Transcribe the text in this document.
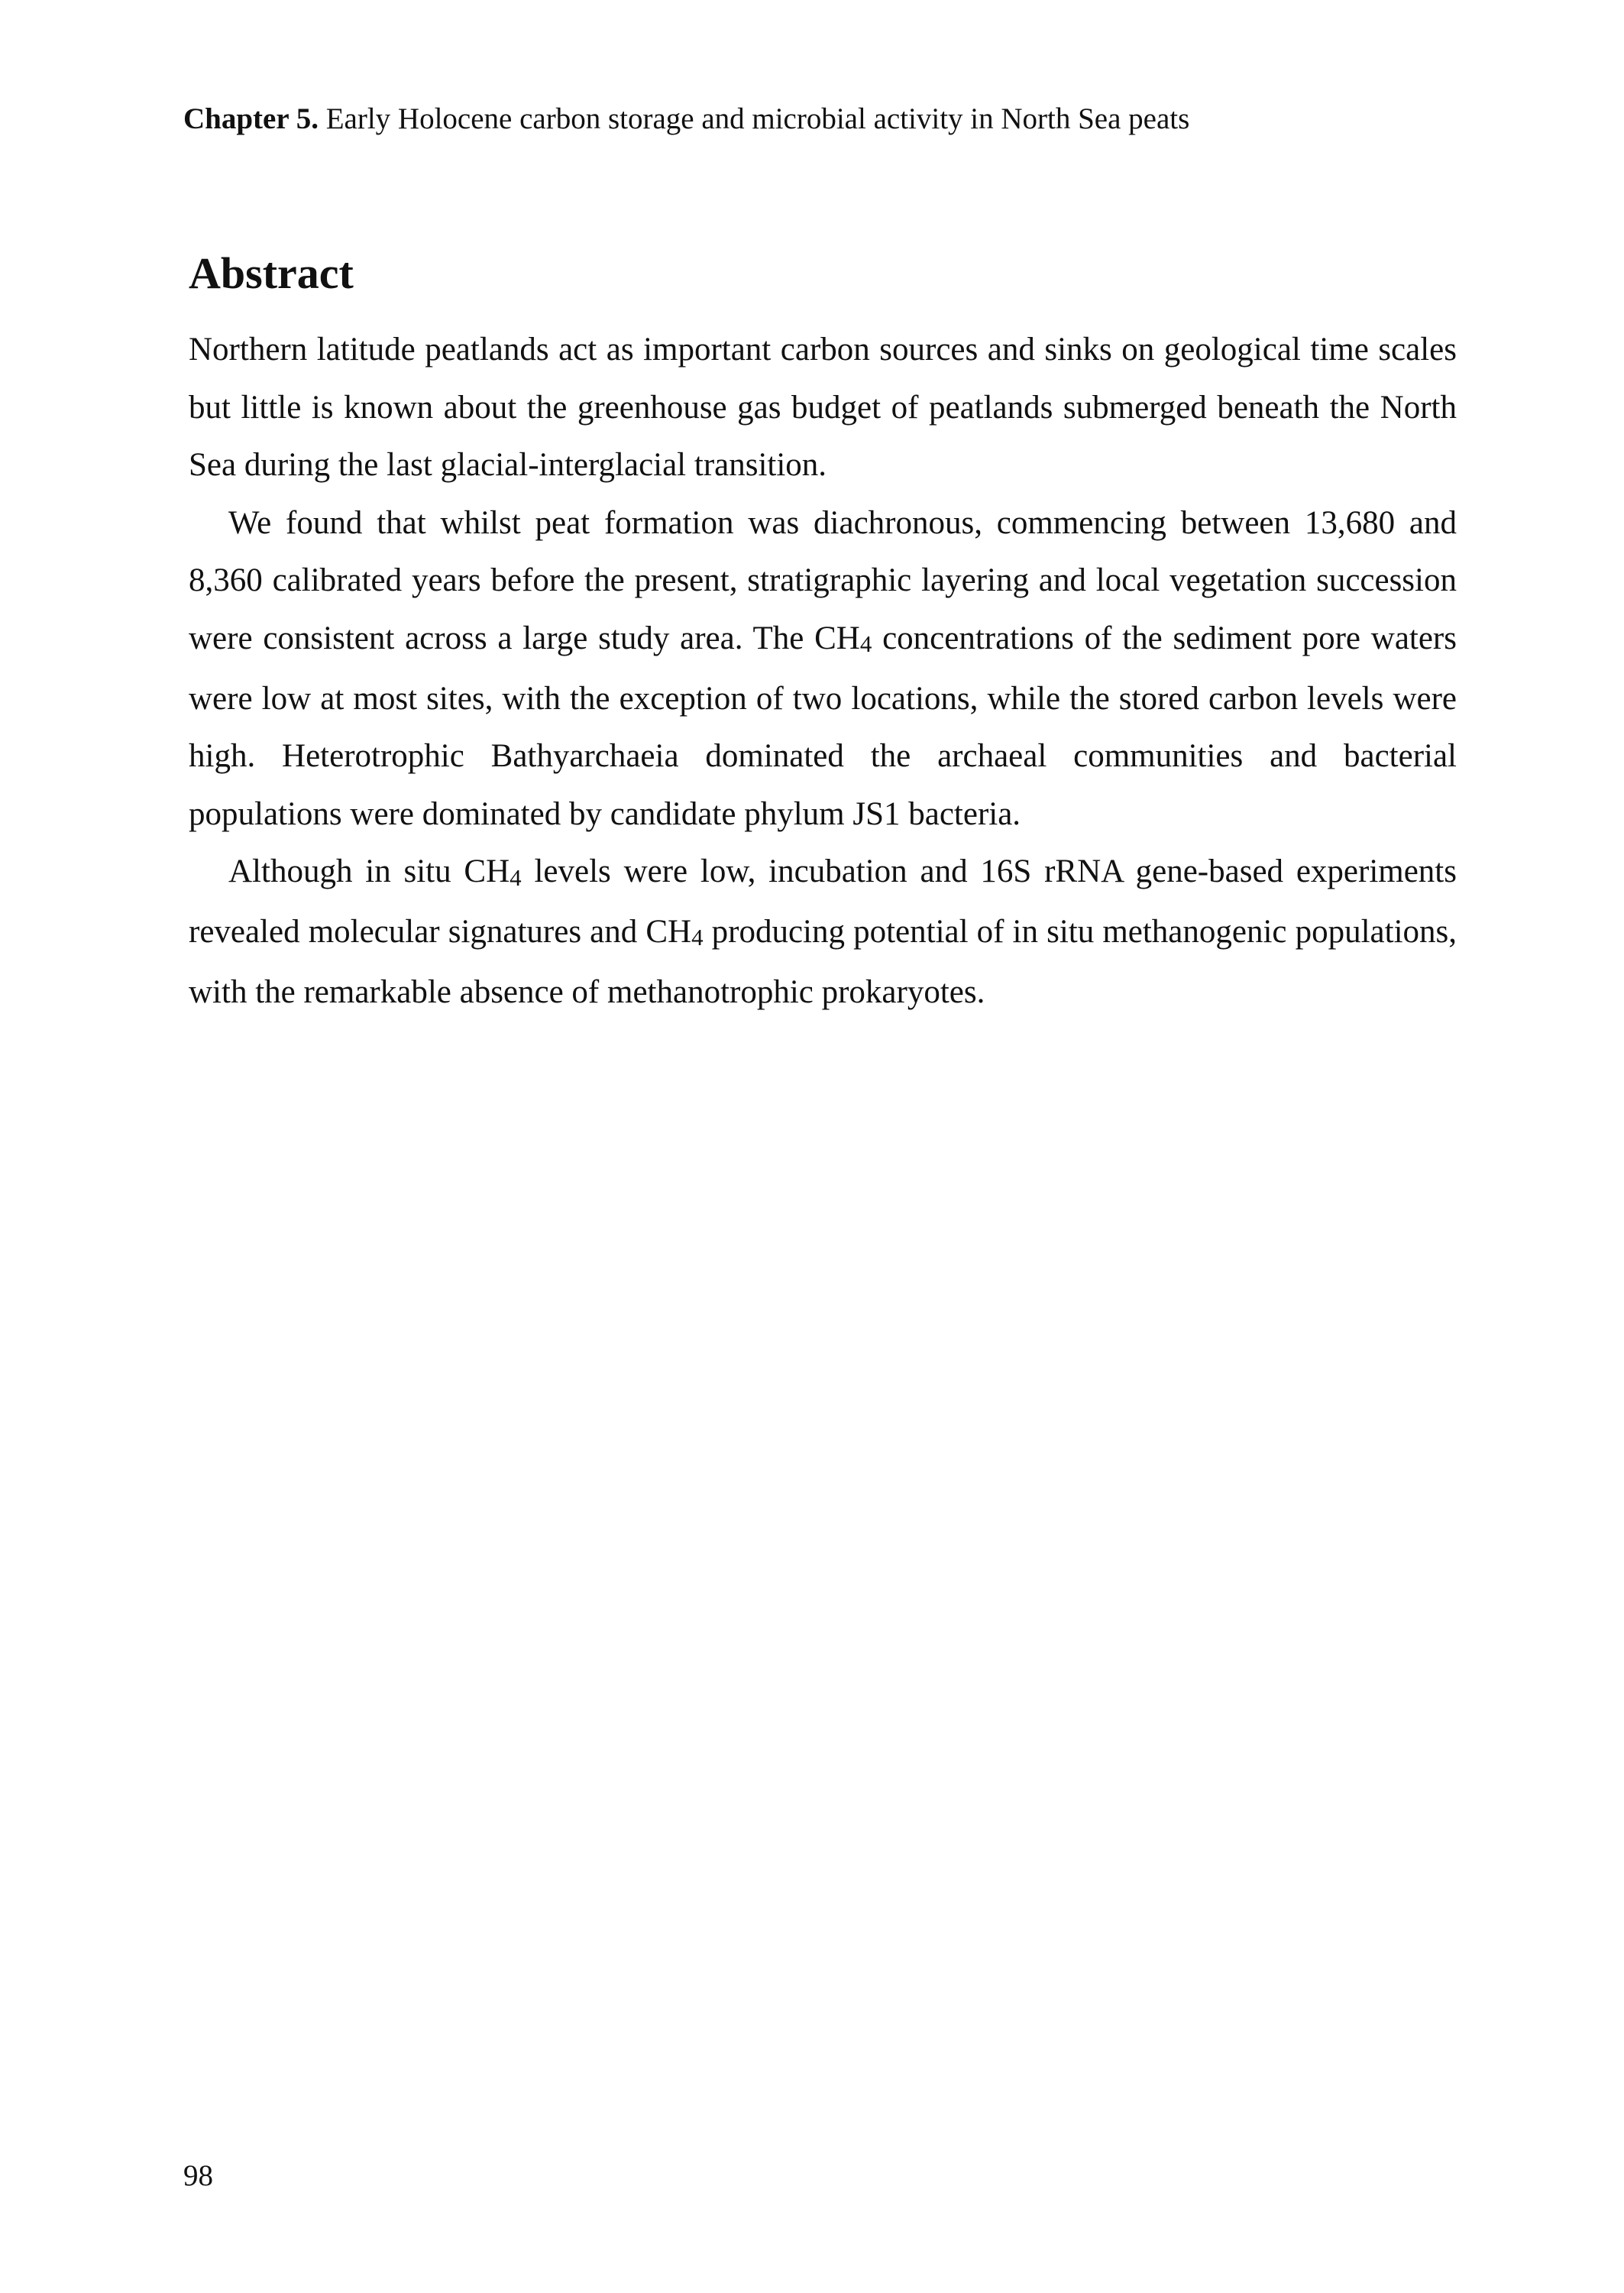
Chapter 5. Early Holocene carbon storage and microbial activity in North Sea peats
Abstract

Northern latitude peatlands act as important carbon sources and sinks on geological time scales but little is known about the greenhouse gas budget of peatlands submerged beneath the North Sea during the last glacial-interglacial transition.

We found that whilst peat formation was diachronous, commencing between 13,680 and 8,360 calibrated years before the present, stratigraphic layering and local vegetation succession were consistent across a large study area. The $CH_4$ concentrations of the sediment pore waters were low at most sites, with the exception of two locations, while the stored carbon levels were high. Heterotrophic Bathyarchaeia dominated the archaeal communities and bacterial populations were dominated by candidate phylum JS1 bacteria.

Although in situ $CH_4$ levels were low, incubation and 16S rRNA gene-based experiments revealed molecular signatures and $CH_4$ producing potential of in situ methanogenic populations, with the remarkable absence of methanotrophic prokaryotes.

98
